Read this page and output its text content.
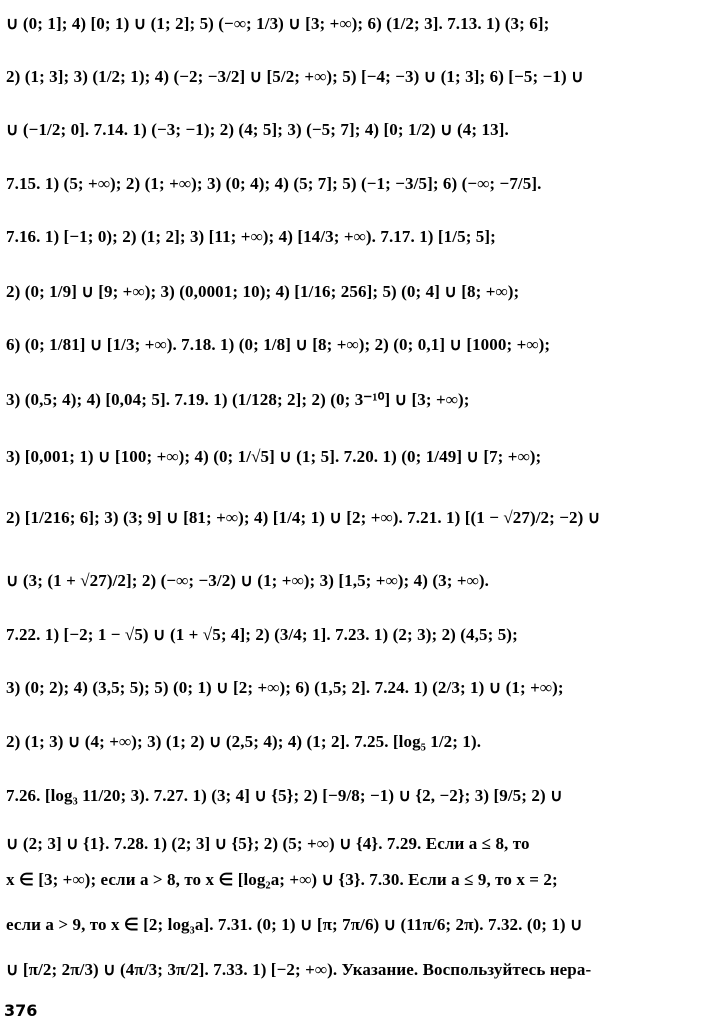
∪ (0; 1]; 4) [0; 1) ∪ (1; 2]; 5) (−∞; 1/3) ∪ [3; +∞); 6) (1/2; 3]. 7.13. 1) (3; 6];
2) (1; 3]; 3) (1/2; 1); 4) (−2; −3/2] ∪ [5/2; +∞); 5) [−4; −3) ∪ (1; 3]; 6) [−5; −1) ∪
∪ (−1/2; 0]. 7.14. 1) (−3; −1); 2) (4; 5]; 3) (−5; 7]; 4) [0; 1/2) ∪ (4; 13].
7.15. 1) (5; +∞); 2) (1; +∞); 3) (0; 4); 4) (5; 7]; 5) (−1; −3/5]; 6) (−∞; −7/5].
7.16. 1) [−1; 0); 2) (1; 2]; 3) [11; +∞); 4) [14/3; +∞). 7.17. 1) [1/5; 5];
2) (0; 1/9] ∪ [9; +∞); 3) (0,0001; 10); 4) [1/16; 256]; 5) (0; 4] ∪ [8; +∞);
6) (0; 1/81] ∪ [1/3; +∞). 7.18. 1) (0; 1/8] ∪ [8; +∞); 2) (0; 0,1] ∪ [1000; +∞);
3) (0,5; 4); 4) [0,04; 5]. 7.19. 1) (1/128; 2]; 2) (0; 3⁻¹⁰] ∪ [3; +∞);
3) [0,001; 1) ∪ [100; +∞); 4) (0; 1/√5] ∪ (1; 5]. 7.20. 1) (0; 1/49] ∪ [7; +∞);
2) [1/216; 6]; 3) (3; 9] ∪ [81; +∞); 4) [1/4; 1) ∪ [2; +∞). 7.21. 1) [(1 − √27)/2; −2) ∪
∪ (3; (1 + √27)/2]; 2) (−∞; −3/2) ∪ (1; +∞); 3) [1,5; +∞); 4) (3; +∞).
7.22. 1) [−2; 1 − √5) ∪ (1 + √5; 4]; 2) (3/4; 1]. 7.23. 1) (2; 3); 2) (4,5; 5);
3) (0; 2); 4) (3,5; 5); 5) (0; 1) ∪ [2; +∞); 6) (1,5; 2]. 7.24. 1) (2/3; 1) ∪ (1; +∞);
2) (1; 3) ∪ (4; +∞); 3) (1; 2) ∪ (2,5; 4); 4) (1; 2]. 7.25. [log₅ 1/2; 1).
7.26. [log₃ 11/20; 3). 7.27. 1) (3; 4] ∪ {5}; 2) [−9/8; −1) ∪ {2, −2}; 3) [9/5; 2) ∪
∪ (2; 3] ∪ {1}. 7.28. 1) (2; 3] ∪ {5}; 2) (5; +∞) ∪ {4}. 7.29. Если a ≤ 8, то
x ∈ [3; +∞); если a > 8, то x ∈ [log₂a; +∞) ∪ {3}. 7.30. Если a ≤ 9, то x = 2;
если a > 9, то x ∈ [2; log₃a]. 7.31. (0; 1) ∪ [π; 7π/6) ∪ (11π/6; 2π). 7.32. (0; 1) ∪
∪ [π/2; 2π/3) ∪ (4π/3; 3π/2]. 7.33. 1) [−2; +∞). Указание. Воспользуйтесь нера-
376
